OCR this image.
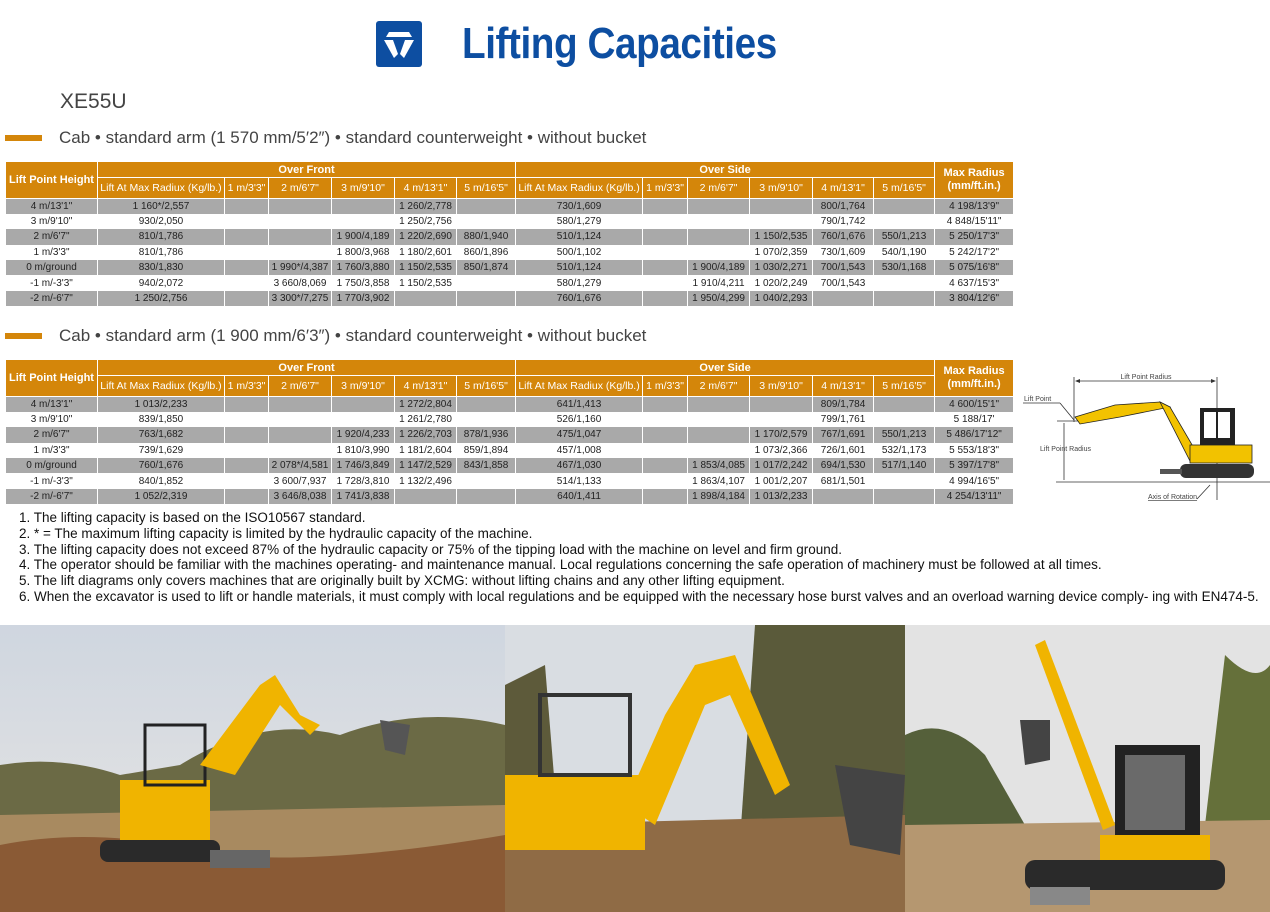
Lifting Capacities
XE55U
Cab • standard arm (1 570 mm/5′2″) • standard counterweight • without bucket
Lift Point Height	Over Front						Over Side						Max Radius (mm/ft.in.)
	Lift At Max Radiux (Kg/lb.)	1 m/3'3"	2 m/6'7"	3 m/9'10"	4 m/13'1"	5 m/16'5"	Lift At Max Radiux (Kg/lb.)	1 m/3'3"	2 m/6'7"	3 m/9'10"	4 m/13'1"	5 m/16'5"	
4 m/13'1"	1 160*/2,557				1 260/2,778		730/1,609				800/1,764		4 198/13'9"
3 m/9'10"	930/2,050				1 250/2,756		580/1,279				790/1,742		4 848/15'11"
2 m/6'7"	810/1,786			1 900/4,189	1 220/2,690	880/1,940	510/1,124			1 150/2,535	760/1,676	550/1,213	5 250/17'3"
1 m/3'3"	810/1,786			1 800/3,968	1 180/2,601	860/1,896	500/1,102			1 070/2,359	730/1,609	540/1,190	5 242/17'2"
0 m/ground	830/1,830		1 990*/4,387	1 760/3,880	1 150/2,535	850/1,874	510/1,124		1 900/4,189	1 030/2,271	700/1,543	530/1,168	5 075/16'8"
-1 m/-3'3"	940/2,072		3 660/8,069	1 750/3,858	1 150/2,535		580/1,279		1 910/4,211	1 020/2,249	700/1,543		4 637/15'3"
-2 m/-6'7"	1 250/2,756		3 300*/7,275	1 770/3,902			760/1,676		1 950/4,299	1 040/2,293			3 804/12'6"
Cab • standard arm (1 900 mm/6′3″) • standard counterweight • without bucket
Lift Point Height	Over Front						Over Side						Max Radius (mm/ft.in.)
	Lift At Max Radiux (Kg/lb.)	1 m/3'3"	2 m/6'7"	3 m/9'10"	4 m/13'1"	5 m/16'5"	Lift At Max Radiux (Kg/lb.)	1 m/3'3"	2 m/6'7"	3 m/9'10"	4 m/13'1"	5 m/16'5"	
4 m/13'1"	1 013/2,233				1 272/2,804		641/1,413				809/1,784		4 600/15'1"
3 m/9'10"	839/1,850				1 261/2,780		526/1,160				799/1,761		5 188/17'
2 m/6'7"	763/1,682			1 920/4,233	1 226/2,703	878/1,936	475/1,047			1 170/2,579	767/1,691	550/1,213	5 486/17'12"
1 m/3'3"	739/1,629			1 810/3,990	1 181/2,604	859/1,894	457/1,008			1 073/2,366	726/1,601	532/1,173	5 553/18'3"
0 m/ground	760/1,676		2 078*/4,581	1 746/3,849	1 147/2,529	843/1,858	467/1,030		1 853/4,085	1 017/2,242	694/1,530	517/1,140	5 397/17'8"
-1 m/-3'3"	840/1,852		3 600/7,937	1 728/3,810	1 132/2,496		514/1,133		1 863/4,107	1 001/2,207	681/1,501		4 994/16'5"
-2 m/-6'7"	1 052/2,319		3 646/8,038	1 741/3,838			640/1,411		1 898/4,184	1 013/2,233			4 254/13'11"
Lift Point Radius
Lift Point
Lift Point Radius
Axis of Rotation

1. The lifting capacity is based on the ISO10567 standard.

2. * = The maximum lifting capacity is limited by the hydraulic capacity of the machine.

3. The lifting capacity does not exceed 87% of the hydraulic capacity or 75% of the tipping load with the machine on level and firm ground.

4. The operator should be familiar with the machines operating- and maintenance manual. Local regulations concerning the safe operation of machinery must be followed at all times.

5. The lift diagrams only covers machines that are originally built by XCMG: without lifting chains and any other lifting equipment.

6. When the excavator is used to lift or handle materials, it must comply with local regulations and be equipped with the necessary hose burst valves and an overload warning device comply- ing with EN474-5.
